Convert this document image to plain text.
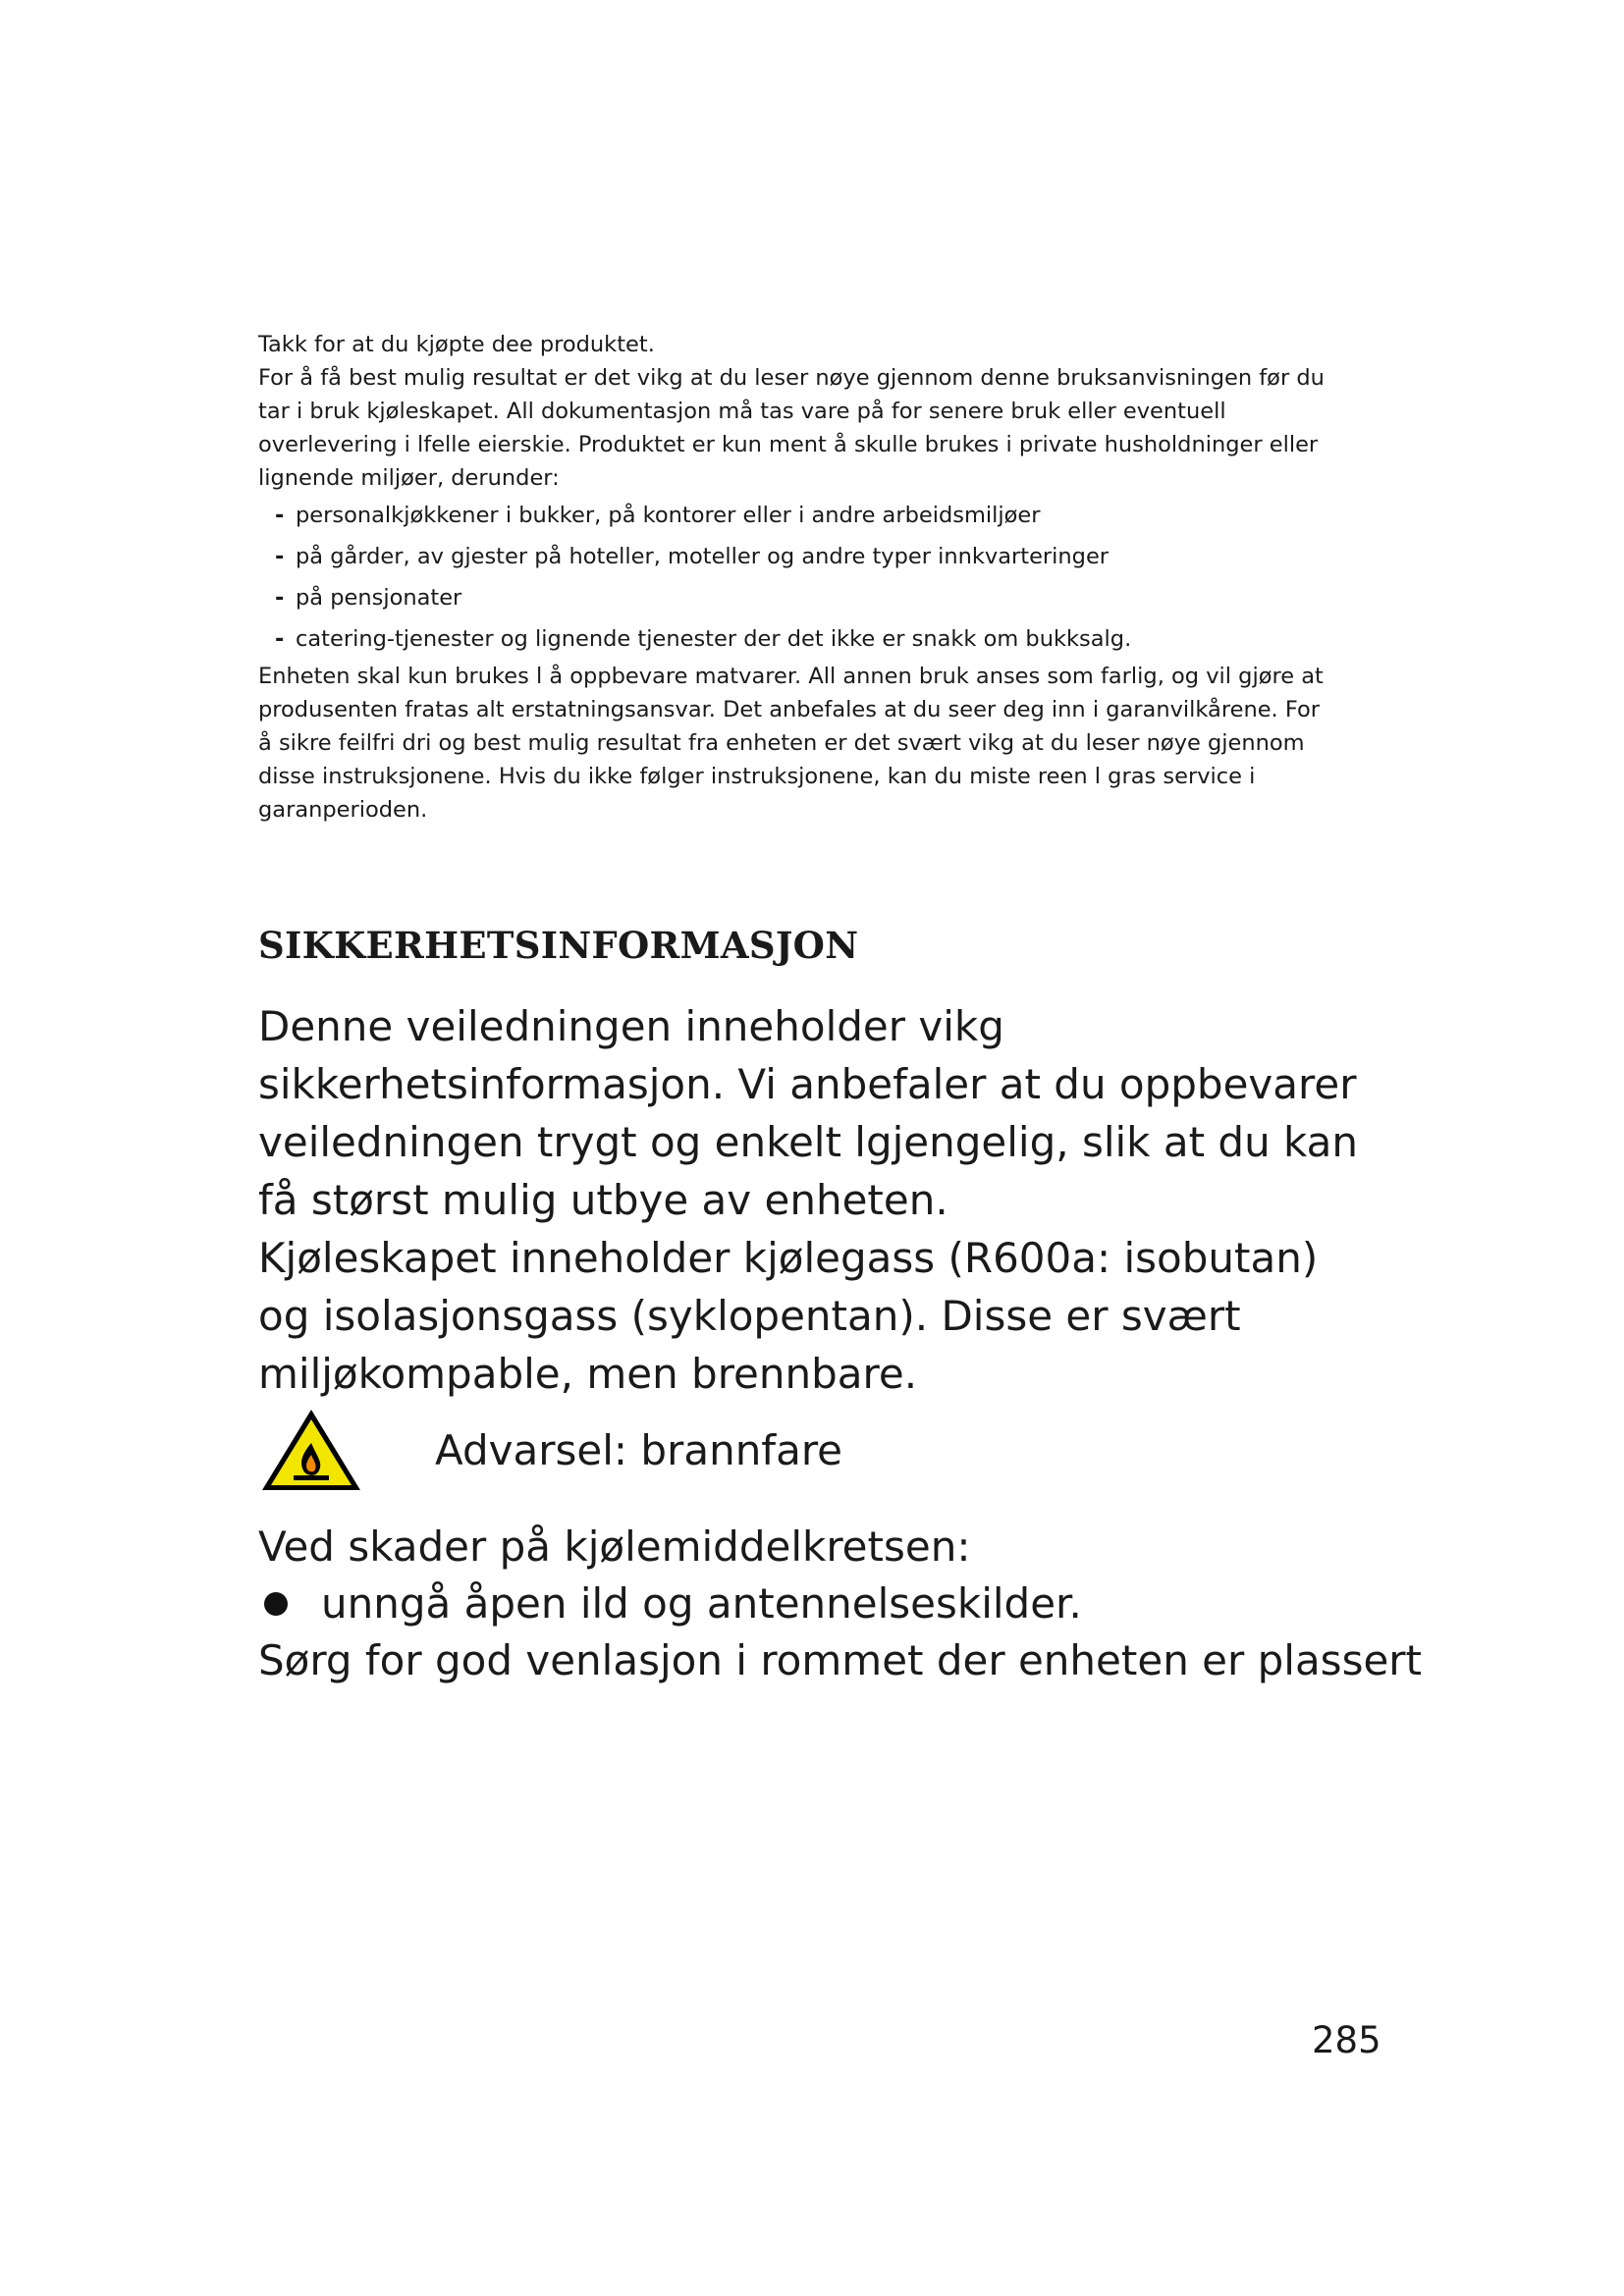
Takk for at du kjøpte dee produktet.
For å få best mulig resultat er det vikg at du leser nøye gjennom denne bruksanvisningen før du tar i bruk kjøleskapet. All dokumentasjon må tas vare på for senere bruk eller eventuell overlevering i lfelle eierskie. Produktet er kun ment å skulle brukes i private husholdninger eller lignende miljøer, derunder:

- personalkjøkkener i bukker, på kontorer eller i andre arbeidsmiljøer
- på gårder, av gjester på hoteller, moteller og andre typer innkvarteringer
- på pensjonater
- catering-tjenester og lignende tjenester der det ikke er snakk om bukksalg.

Enheten skal kun brukes l å oppbevare matvarer. All annen bruk anses som farlig, og vil gjøre at produsenten fratas alt erstatningsansvar. Det anbefales at du seer deg inn i garanvilkårene. For å sikre feilfri dri og best mulig resultat fra enheten er det svært vikg at du leser nøye gjennom disse instruksjonene. Hvis du ikke følger instruksjonene, kan du miste reen l gras service i garanperioden.

SIKKERHETSINFORMASJON

Denne veiledningen inneholder vikg sikkerhetsinformasjon. Vi anbefaler at du oppbevarer veiledningen trygt og enkelt lgjengelig, slik at du kan få størst mulig utbye av enheten.
Kjøleskapet inneholder kjølegass (R600a: isobutan) og isolasjonsgass (syklopentan). Disse er svært miljøkompable, men brennbare.

Advarsel: brannfare

Ved skader på kjølemiddelkretsen:

unngå åpen ild og antennelseskilder.

Sørg for god venlasjon i rommet der enheten er plassert

285
